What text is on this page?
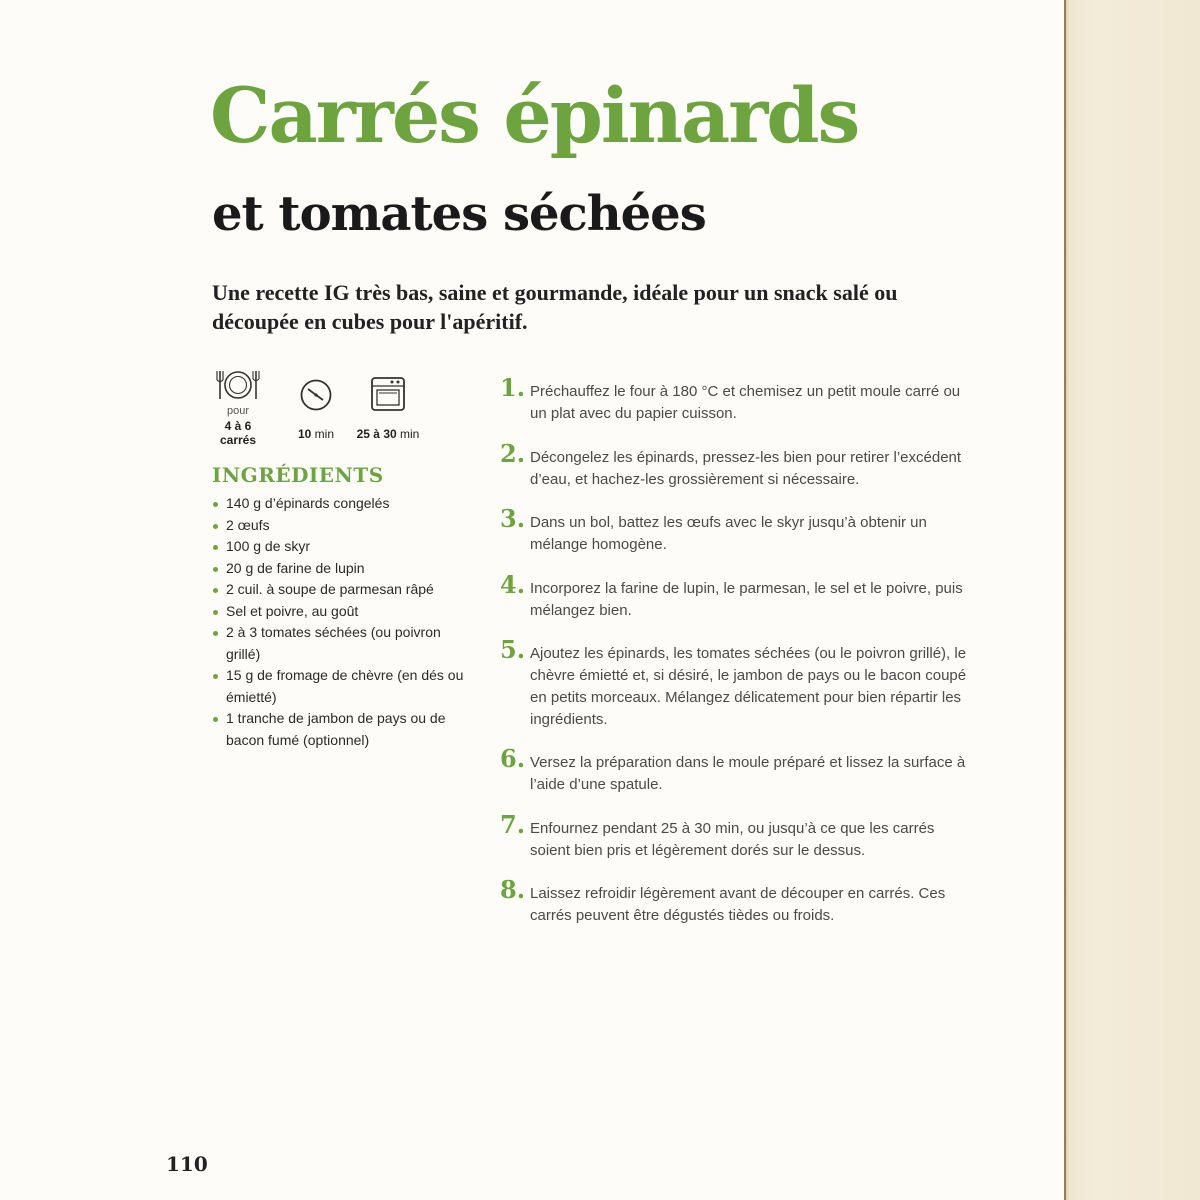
Carrés épinards
et tomates séchées

Une recette IG très bas, saine et gourmande, idéale pour un snack salé ou découpée en cubes pour l'apéritif.

pour
4 à 6 carrés	10 min	25 à 30 min
INGRÉDIENTS
140 g d’épinards congelés
2 œufs
100 g de skyr
20 g de farine de lupin
2 cuil. à soupe de parmesan râpé
Sel et poivre, au goût
2 à 3 tomates séchées (ou poivron grillé)
15 g de fromage de chèvre (en dés ou émietté)
1 tranche de jambon de pays ou de bacon fumé (optionnel)
1. Préchauffez le four à 180 °C et chemisez un petit moule carré ou un plat avec du papier cuisson.
2. Décongelez les épinards, pressez-les bien pour retirer l’excédent d’eau, et hachez-les grossièrement si nécessaire.
3. Dans un bol, battez les œufs avec le skyr jusqu’à obtenir un mélange homogène.
4. Incorporez la farine de lupin, le parmesan, le sel et le poivre, puis mélangez bien.
5. Ajoutez les épinards, les tomates séchées (ou le poivron grillé), le chèvre émietté et, si désiré, le jambon de pays ou le bacon coupé en petits morceaux. Mélangez délicatement pour bien répartir les ingrédients.
6. Versez la préparation dans le moule préparé et lissez la surface à l’aide d’une spatule.
7. Enfournez pendant 25 à 30 min, ou jusqu’à ce que les carrés soient bien pris et légèrement dorés sur le dessus.
8. Laissez refroidir légèrement avant de découper en carrés. Ces carrés peuvent être dégustés tièdes ou froids.
110
